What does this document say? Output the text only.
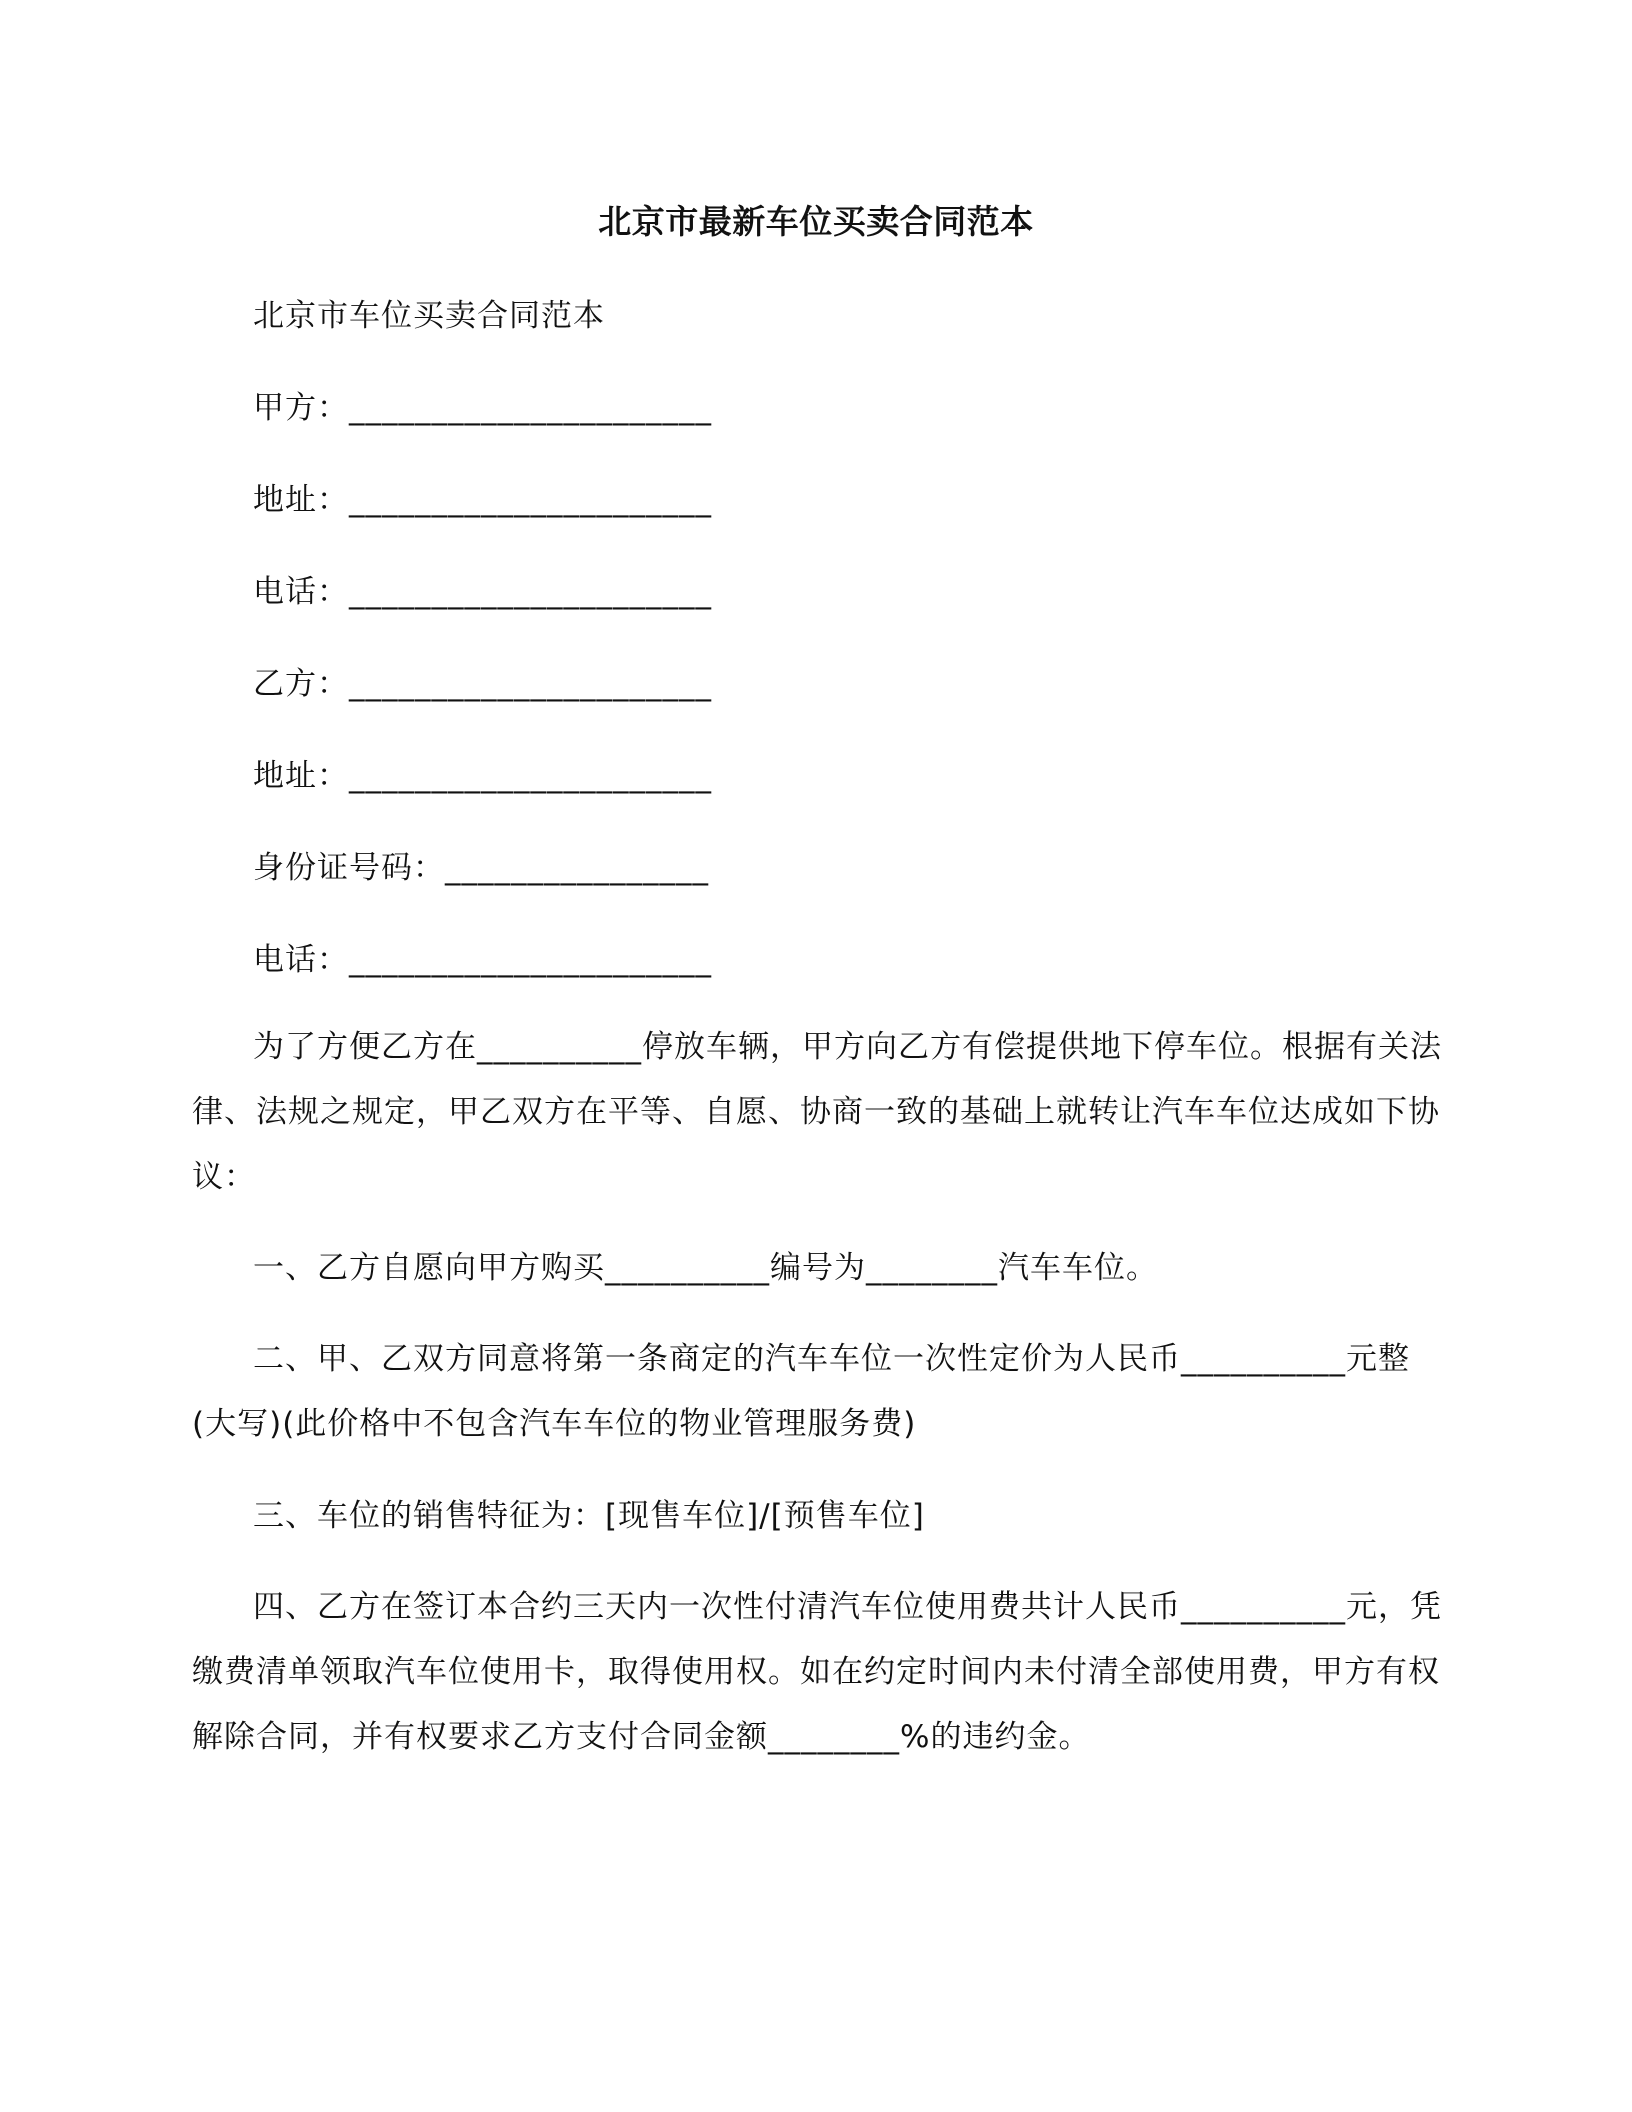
北京市最新车位买卖合同范本
北京市车位买卖合同范本
甲方：______________________
地址：______________________
电话：______________________
乙方：______________________
地址：______________________
身份证号码：________________
电话：______________________
为了方便乙方在__________停放车辆，甲方向乙方有偿提供地下停车位。根据有关法律、法规之规定，甲乙双方在平等、自愿、协商一致的基础上就转让汽车车位达成如下协议：
一、乙方自愿向甲方购买__________编号为________汽车车位。
二、甲、乙双方同意将第一条商定的汽车车位一次性定价为人民币__________元整(大写)(此价格中不包含汽车车位的物业管理服务费)
三、车位的销售特征为：[现售车位]/[预售车位]
四、乙方在签订本合约三天内一次性付清汽车位使用费共计人民币__________元，凭缴费清单领取汽车位使用卡，取得使用权。如在约定时间内未付清全部使用费，甲方有权解除合同，并有权要求乙方支付合同金额________%的违约金。
